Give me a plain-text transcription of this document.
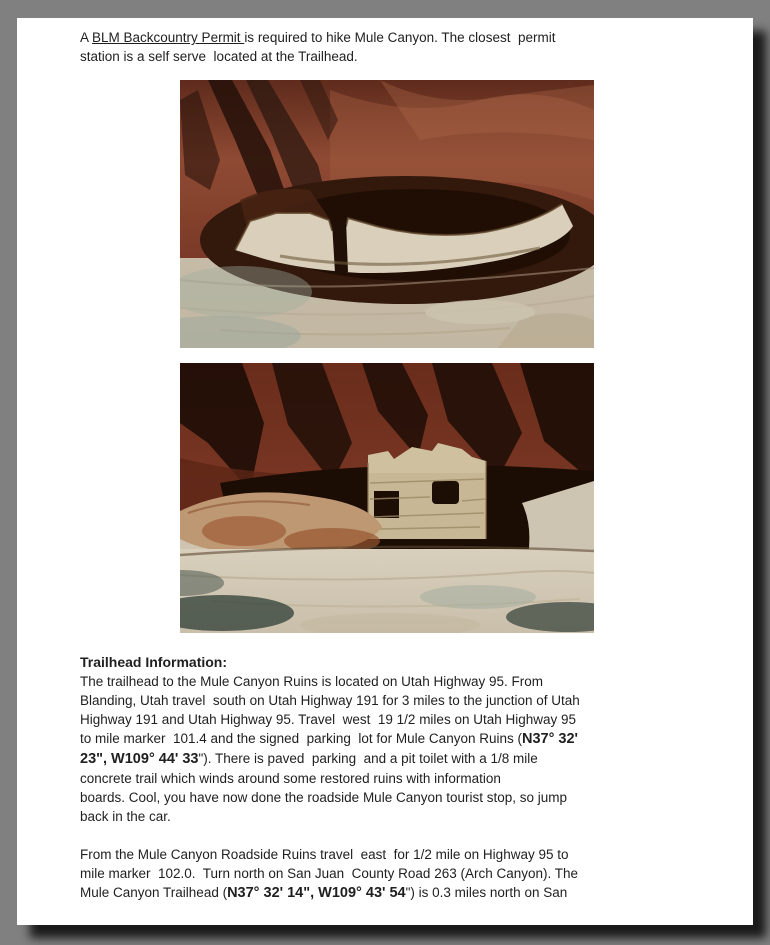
A BLM Backcountry Permit is required to hike Mule Canyon. The closest  permit
station is a self serve  located at the Trailhead.

Trailhead Information:

The trailhead to the Mule Canyon Ruins is located on Utah Highway 95. From
Blanding, Utah travel  south on Utah Highway 191 for 3 miles to the junction of Utah
Highway 191 and Utah Highway 95. Travel  west  19 1/2 miles on Utah Highway 95
to mile marker  101.4 and the signed  parking  lot for Mule Canyon Ruins (N37° 32'
23", W109° 44' 33"). There is paved  parking  and a pit toilet with a 1/8 mile
concrete trail which winds around some restored ruins with information
boards. Cool, you have now done the roadside Mule Canyon tourist stop, so jump
back in the car.

From the Mule Canyon Roadside Ruins travel  east  for 1/2 mile on Highway 95 to
mile marker  102.0.  Turn north on San Juan  County Road 263 (Arch Canyon). The
Mule Canyon Trailhead (N37° 32' 14", W109° 43' 54") is 0.3 miles north on San
